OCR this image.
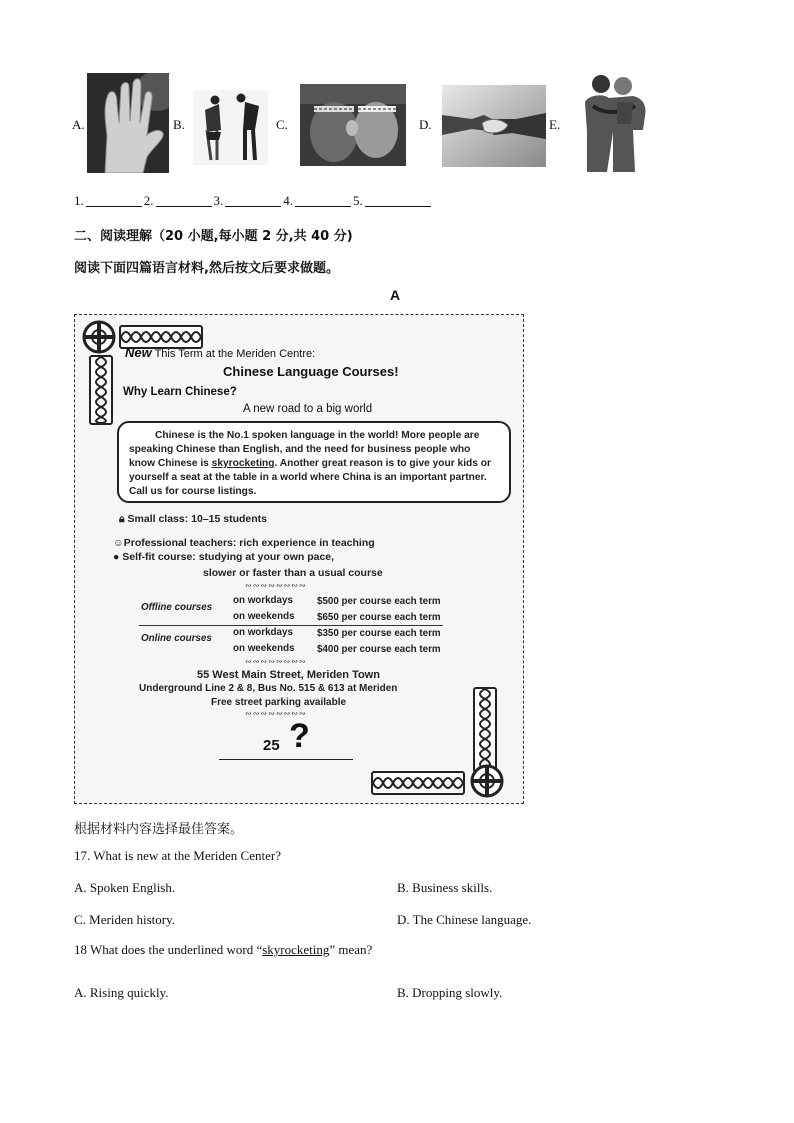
A.	B.	C.	D.	E.
1.	2.	3.	4.	5.
二、阅读理解（20 小题,每小题 2 分,共 40 分)
阅读下面四篇语言材料,然后按文后要求做题。
A
New This Term at the Meriden Centre:
Chinese Language Courses!
Why Learn Chinese?
A new road to a big world
Chinese is the No.1 spoken language in the world! More people are speaking Chinese than English, and the need for business people who know Chinese is skyrocketing. Another great reason is to give your kids or yourself a seat at the table in a world where China is an important partner. Call us for course listings.
🔒︎ Small class: 10–15 students
☺Professional teachers: rich experience in teaching
● Self-fit course: studying at your own pace,
slower or faster than a usual course
∾∾∾∾∾∾∾∾
Offline courses
on workdays $500 per course each term
on weekends $650 per course each term
Online courses
on workdays $350 per course each term
on weekends $400 per course each term
∾∾∾∾∾∾∾∾
55 West Main Street, Meriden Town
Underground Line 2 & 8, Bus No. 515 & 613 at Meriden
Free street parking available
∾∾∾∾∾∾∾∾
25 ?
根据材料内容选择最佳答案。
17. What is new at the Meriden Center?
A. Spoken English.	B. Business skills.
C. Meriden history.	D. The Chinese language.
18 What does the underlined word “skyrocketing” mean?
A. Rising quickly.	B. Dropping slowly.
